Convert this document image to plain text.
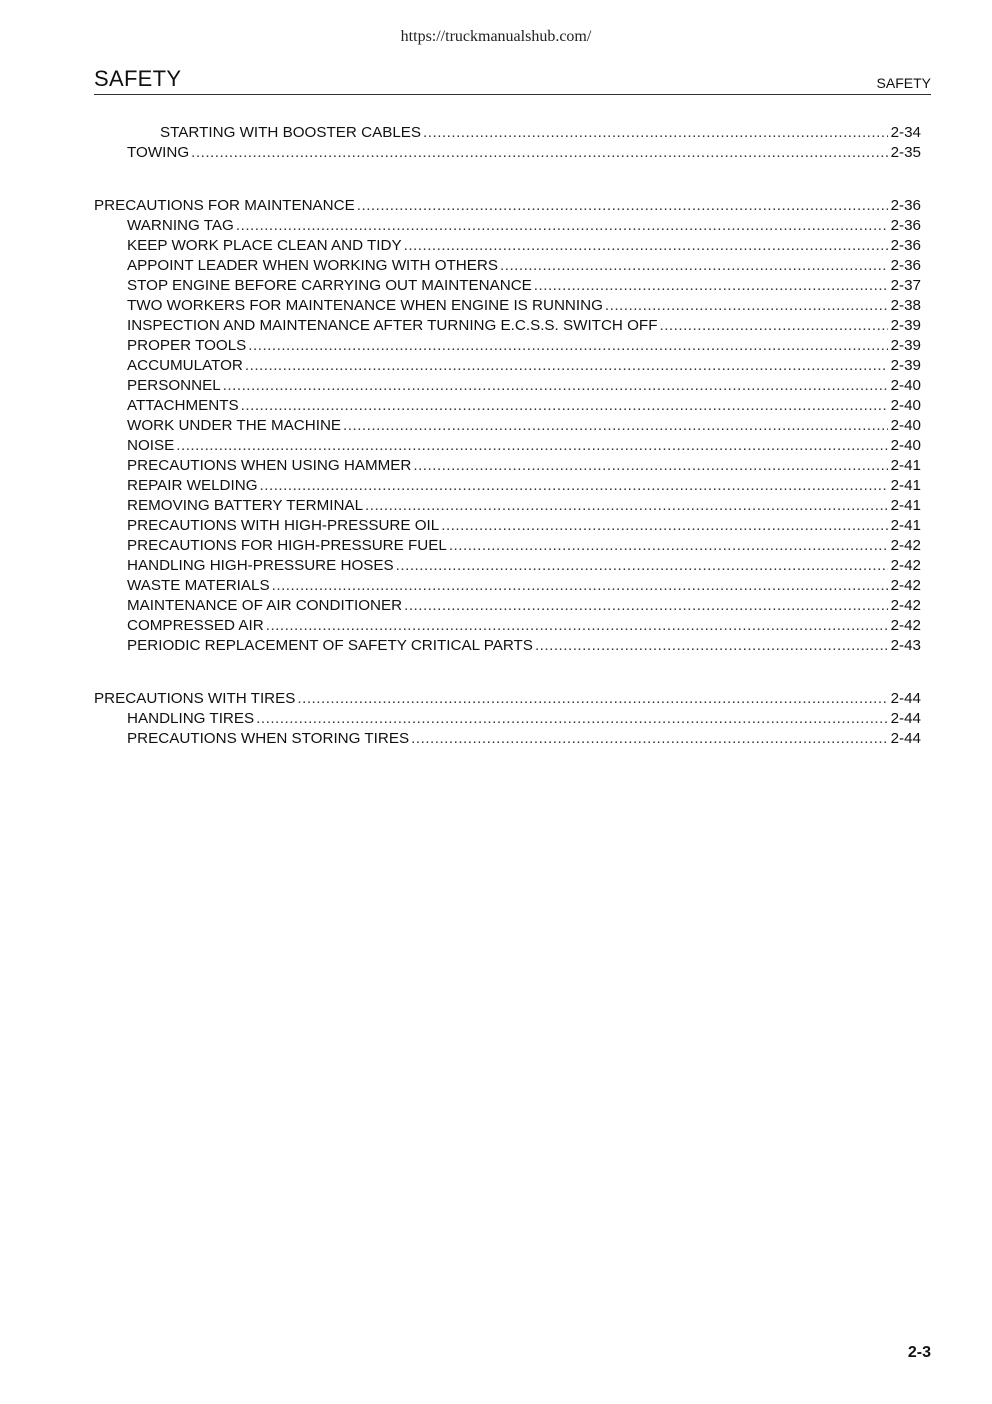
https://truckmanualshub.com/
SAFETY	SAFETY
STARTING WITH BOOSTER CABLES .....	2-34
TOWING .....	2-35
PRECAUTIONS FOR MAINTENANCE .....	2-36
WARNING TAG .....	2-36
KEEP WORK PLACE CLEAN AND TIDY .....	2-36
APPOINT LEADER WHEN WORKING WITH OTHERS .....	2-36
STOP ENGINE BEFORE CARRYING OUT MAINTENANCE .....	2-37
TWO WORKERS FOR MAINTENANCE WHEN ENGINE IS RUNNING .....	2-38
INSPECTION AND MAINTENANCE AFTER TURNING E.C.S.S. SWITCH OFF .....	2-39
PROPER TOOLS .....	2-39
ACCUMULATOR .....	2-39
PERSONNEL .....	2-40
ATTACHMENTS .....	2-40
WORK UNDER THE MACHINE .....	2-40
NOISE .....	2-40
PRECAUTIONS WHEN USING HAMMER .....	2-41
REPAIR WELDING .....	2-41
REMOVING BATTERY TERMINAL .....	2-41
PRECAUTIONS WITH HIGH-PRESSURE OIL .....	2-41
PRECAUTIONS FOR HIGH-PRESSURE FUEL .....	2-42
HANDLING HIGH-PRESSURE HOSES .....	2-42
WASTE MATERIALS .....	2-42
MAINTENANCE OF AIR CONDITIONER .....	2-42
COMPRESSED AIR .....	2-42
PERIODIC REPLACEMENT OF SAFETY CRITICAL PARTS .....	2-43
PRECAUTIONS WITH TIRES .....	2-44
HANDLING TIRES .....	2-44
PRECAUTIONS WHEN STORING TIRES .....	2-44
2-3
